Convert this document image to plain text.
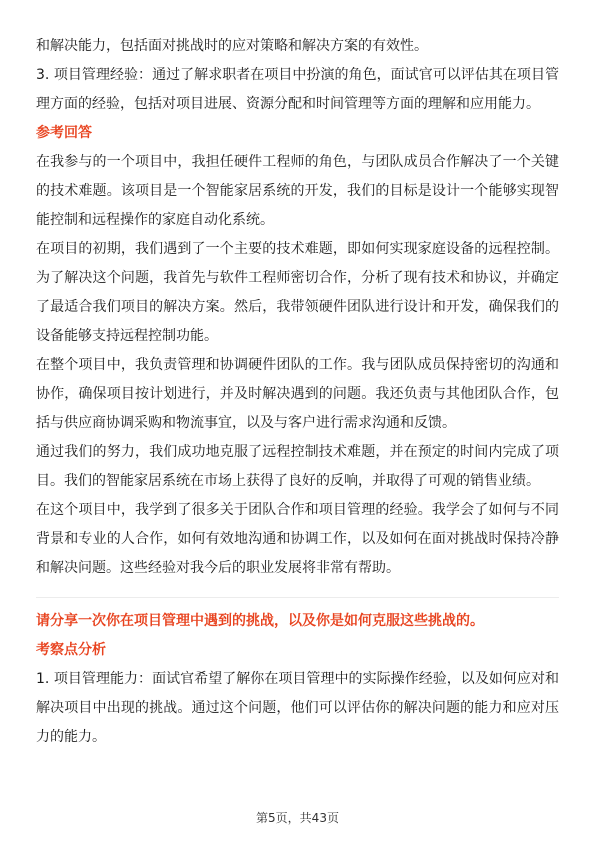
和解决能力，包括面对挑战时的应对策略和解决方案的有效性。

3. 项目管理经验：通过了解求职者在项目中扮演的角色，面试官可以评估其在项目管理方面的经验，包括对项目进展、资源分配和时间管理等方面的理解和应用能力。

参考回答

在我参与的一个项目中，我担任硬件工程师的角色，与团队成员合作解决了一个关键的技术难题。该项目是一个智能家居系统的开发，我们的目标是设计一个能够实现智能控制和远程操作的家庭自动化系统。

在项目的初期，我们遇到了一个主要的技术难题，即如何实现家庭设备的远程控制。为了解决这个问题，我首先与软件工程师密切合作，分析了现有技术和协议，并确定了最适合我们项目的解决方案。然后，我带领硬件团队进行设计和开发，确保我们的设备能够支持远程控制功能。

在整个项目中，我负责管理和协调硬件团队的工作。我与团队成员保持密切的沟通和协作，确保项目按计划进行，并及时解决遇到的问题。我还负责与其他团队合作，包括与供应商协调采购和物流事宜，以及与客户进行需求沟通和反馈。

通过我们的努力，我们成功地克服了远程控制技术难题，并在预定的时间内完成了项目。我们的智能家居系统在市场上获得了良好的反响，并取得了可观的销售业绩。

在这个项目中，我学到了很多关于团队合作和项目管理的经验。我学会了如何与不同背景和专业的人合作，如何有效地沟通和协调工作，以及如何在面对挑战时保持冷静和解决问题。这些经验对我今后的职业发展将非常有帮助。

请分享一次你在项目管理中遇到的挑战，以及你是如何克服这些挑战的。

考察点分析

1. 项目管理能力：面试官希望了解你在项目管理中的实际操作经验，以及如何应对和解决项目中出现的挑战。通过这个问题，他们可以评估你的解决问题的能力和应对压力的能力。

第5页，共43页
